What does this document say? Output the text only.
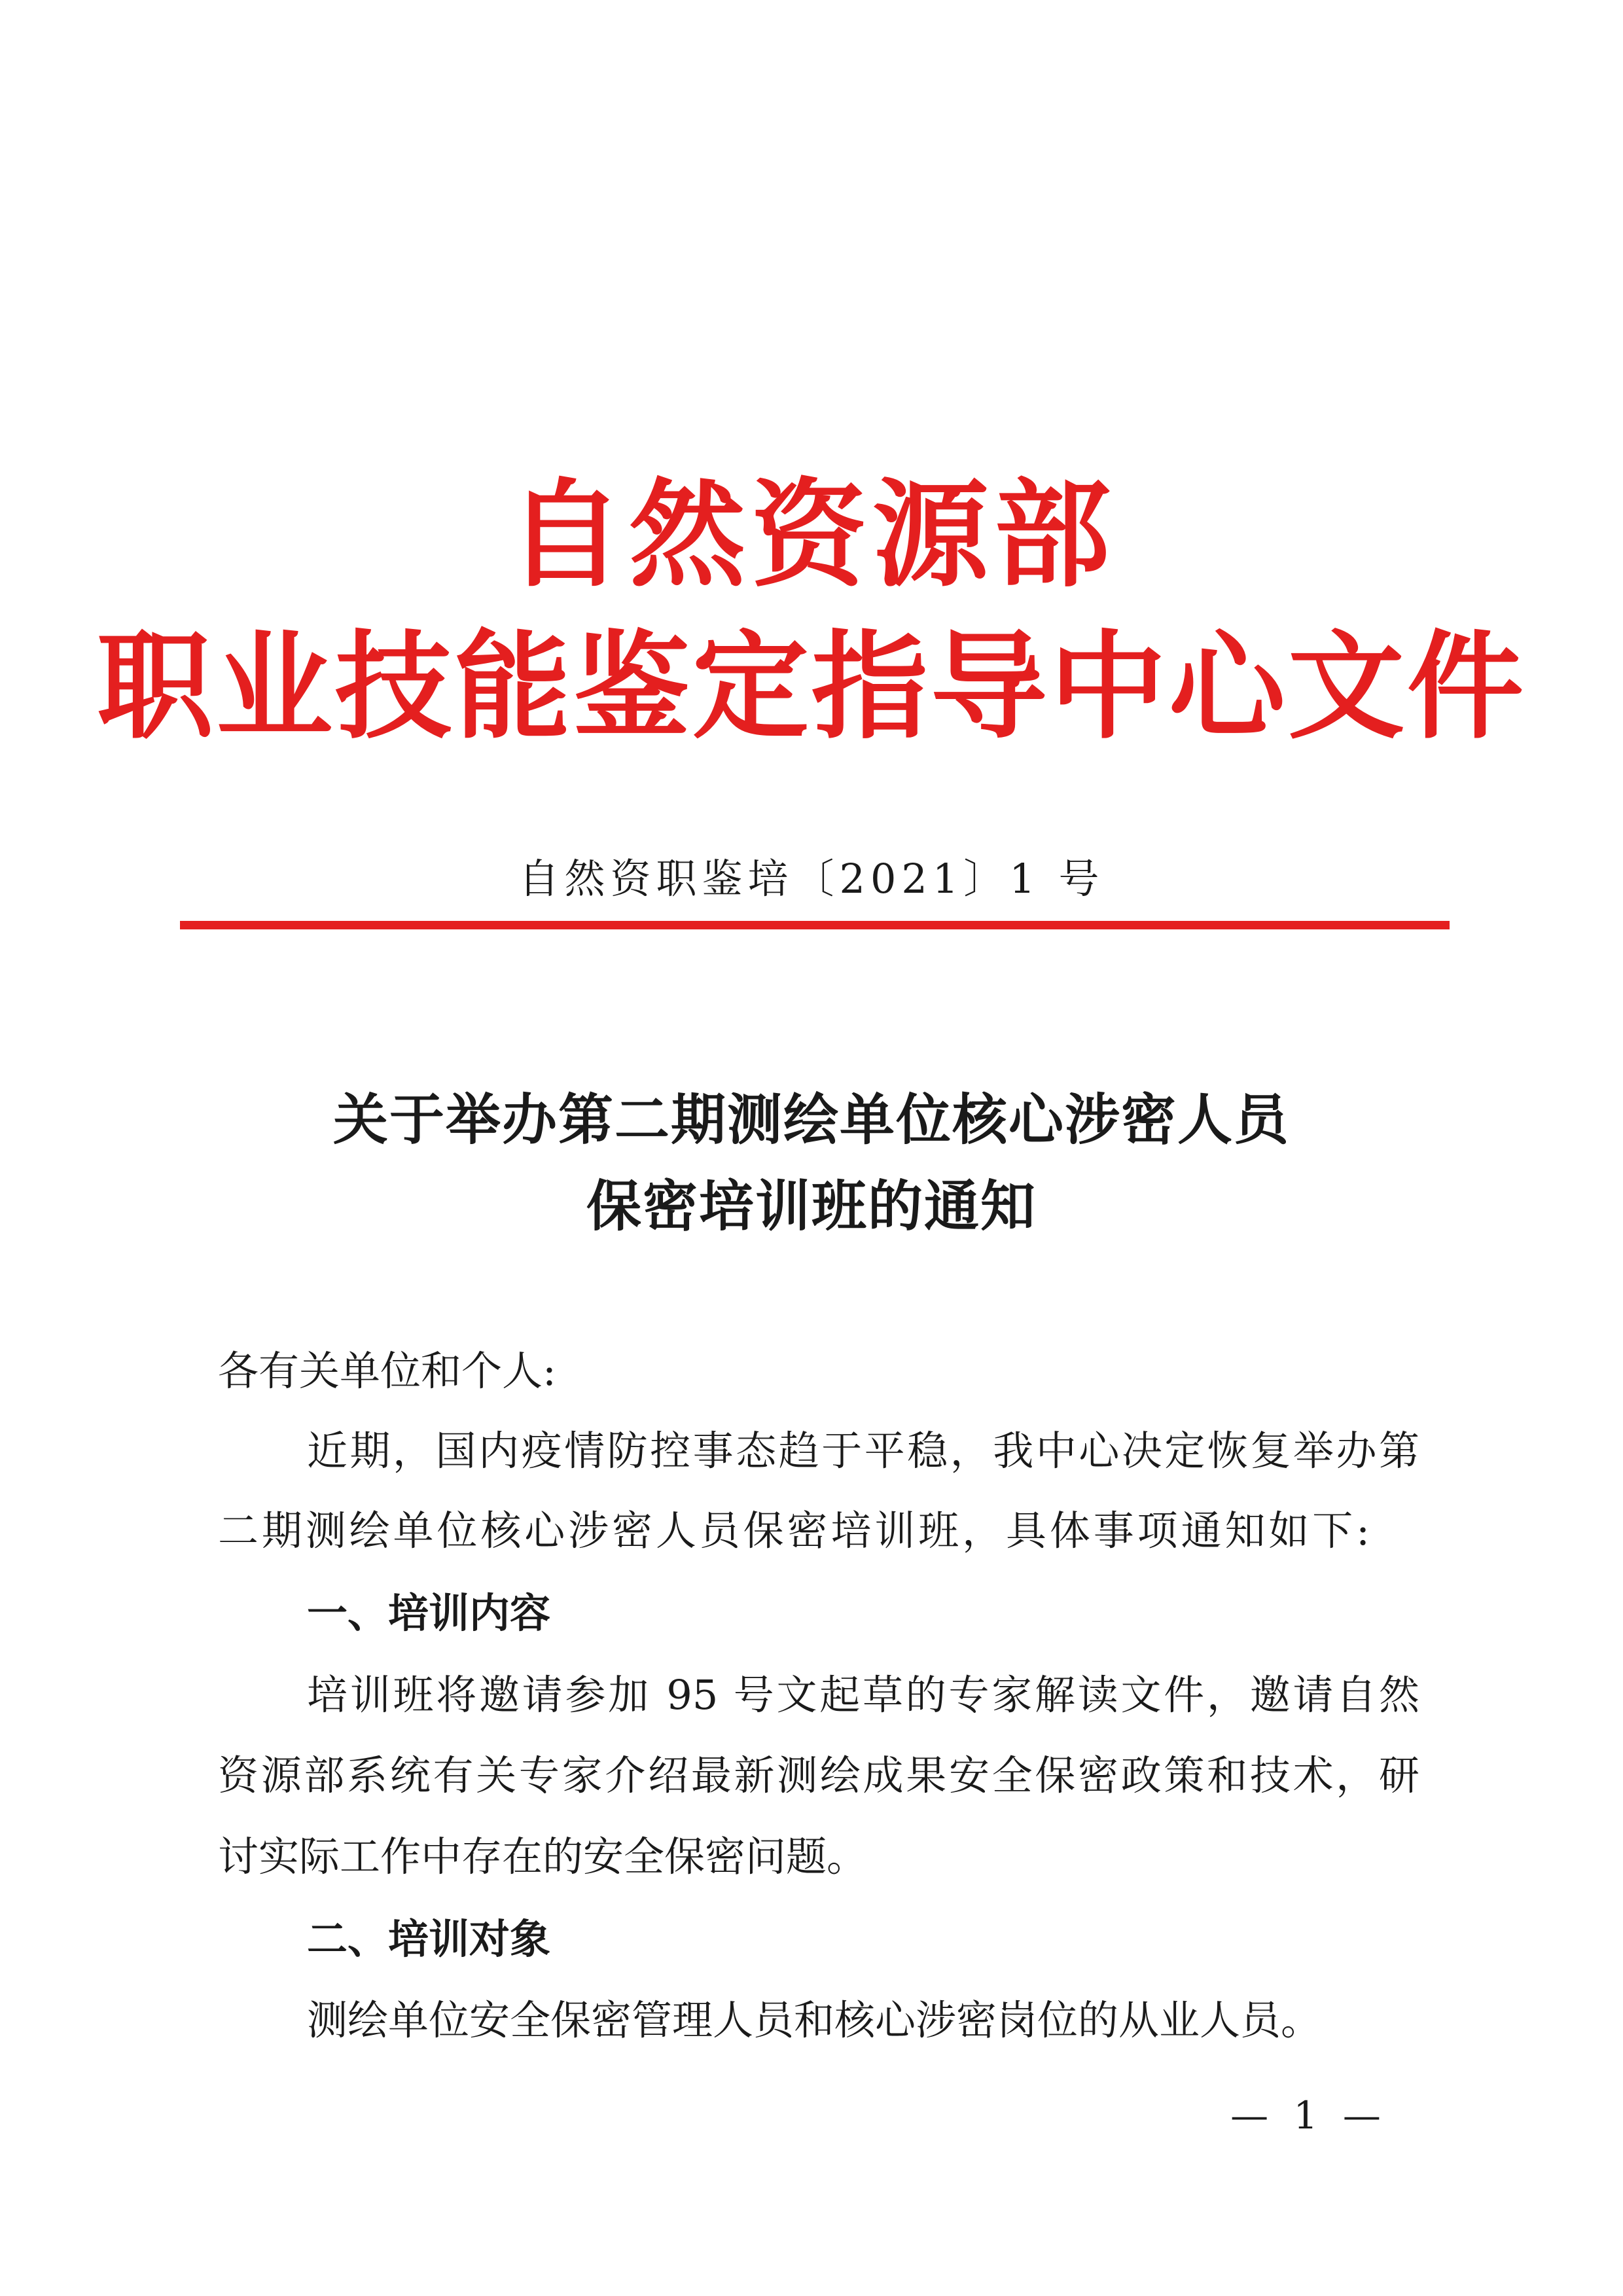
自然资源部
职业技能鉴定指导中心文件
自然资职鉴培〔2021〕1 号
关于举办第二期测绘单位核心涉密人员
保密培训班的通知
各有关单位和个人:
近期，国内疫情防控事态趋于平稳，我中心决定恢复举办第
二期测绘单位核心涉密人员保密培训班，具体事项通知如下:
一、培训内容
培训班将邀请参加 95 号文起草的专家解读文件，邀请自然
资源部系统有关专家介绍最新测绘成果安全保密政策和技术，研
讨实际工作中存在的安全保密问题。
二、培训对象
测绘单位安全保密管理人员和核心涉密岗位的从业人员。
— 1 —
